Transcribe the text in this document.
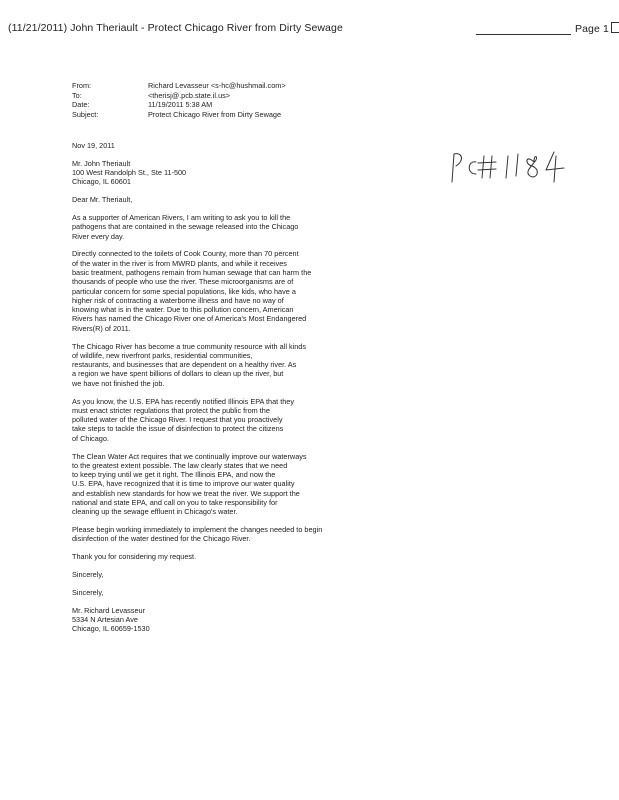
(11/21/2011) John Theriault - Protect Chicago River from Dirty Sewage	Page 1
From:	Richard Levasseur <s-hc@hushmail.com>
To:	<therisj@.pcb.state.il.us>
Date:	11/19/2011 5:38 AM
Subject:	Protect Chicago River from Dirty Sewage
Nov 19, 2011
Mr. John Theriault
100 West Randolph St., Ste 11-500
Chicago, IL 60601
Dear Mr. Theriault,
As a supporter of American Rivers, I am writing to ask you to kill the
pathogens that are contained in the sewage released into the Chicago
River every day.
Directly connected to the toilets of Cook County, more than 70 percent
of the water in the river is from MWRD plants, and while it receives
basic treatment, pathogens remain from human sewage that can harm the
thousands of people who use the river. These microorganisms are of
particular concern for some special populations, like kids, who have a
higher risk of contracting a waterborne illness and have no way of
knowing what is in the water. Due to this pollution concern, American
Rivers has named the Chicago River one of America's Most Endangered
Rivers(R) of 2011.
The Chicago River has become a true community resource with all kinds
of wildlife, new riverfront parks, residential communities,
restaurants, and businesses that are dependent on a healthy river. As
a region we have spent billions of dollars to clean up the river, but
we have not finished the job.
As you know, the U.S. EPA has recently notified Illinois EPA that they
must enact stricter regulations that protect the public from the
polluted water of the Chicago River. I request that you proactively
take steps to tackle the issue of disinfection to protect the citizens
of Chicago.
The Clean Water Act requires that we continually improve our waterways
to the greatest extent possible. The law clearly states that we need
to keep trying until we get it right. The Illinois EPA, and now the
U.S. EPA, have recognized that it is time to improve our water quality
and establish new standards for how we treat the river. We support the
national and state EPA, and call on you to take responsibility for
cleaning up the sewage effluent in Chicago's water.
Please begin working immediately to implement the changes needed to begin
disinfection of the water destined for the Chicago River.
Thank you for considering my request.
Sincerely,
Sincerely,
Mr. Richard Levasseur
5334 N Artesian Ave
Chicago, IL 60659-1530
